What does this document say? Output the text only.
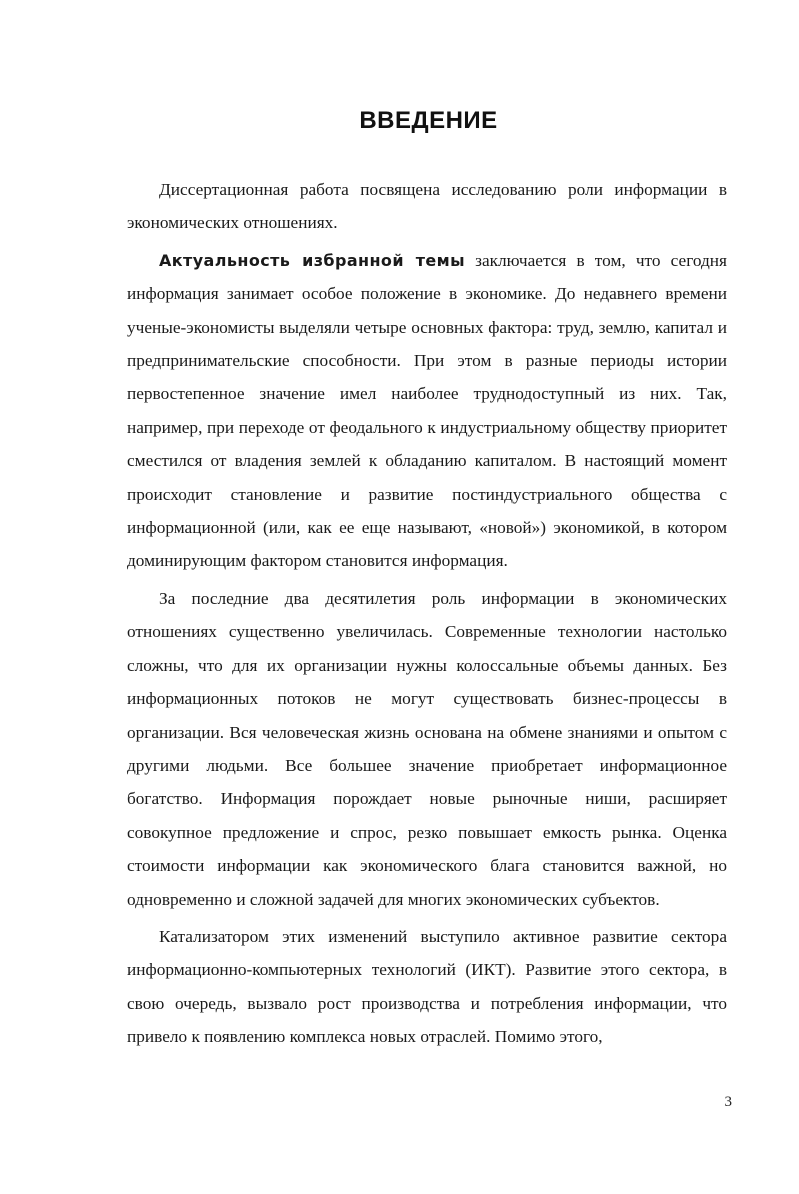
ВВЕДЕНИЕ

Диссертационная работа посвящена исследованию роли информации в экономических отношениях.

Актуальность избранной темы заключается в том, что сегодня информация занимает особое положение в экономике. До недавнего времени ученые-экономисты выделяли четыре основных фактора: труд, землю, капитал и предпринимательские способности. При этом в разные периоды истории первостепенное значение имел наиболее труднодоступный из них. Так, например, при переходе от феодального к индустриальному обществу приоритет сместился от владения землей к обладанию капиталом. В настоящий момент происходит становление и развитие постиндустриального общества с информационной (или, как ее еще называют, «новой») экономикой, в котором доминирующим фактором становится информация.

За последние два десятилетия роль информации в экономических отношениях существенно увеличилась. Современные технологии настолько сложны, что для их организации нужны колоссальные объемы данных. Без информационных потоков не могут существовать бизнес-процессы в организации. Вся человеческая жизнь основана на обмене знаниями и опытом с другими людьми. Все большее значение приобретает информационное богатство. Информация порождает новые рыночные ниши, расширяет совокупное предложение и спрос, резко повышает емкость рынка. Оценка стоимости информации как экономического блага становится важной, но одновременно и сложной задачей для многих экономических субъектов.

Катализатором этих изменений выступило активное развитие сектора информационно-компьютерных технологий (ИКТ). Развитие этого сектора, в свою очередь, вызвало рост производства и потребления информации, что привело к появлению комплекса новых отраслей. Помимо этого,

3
